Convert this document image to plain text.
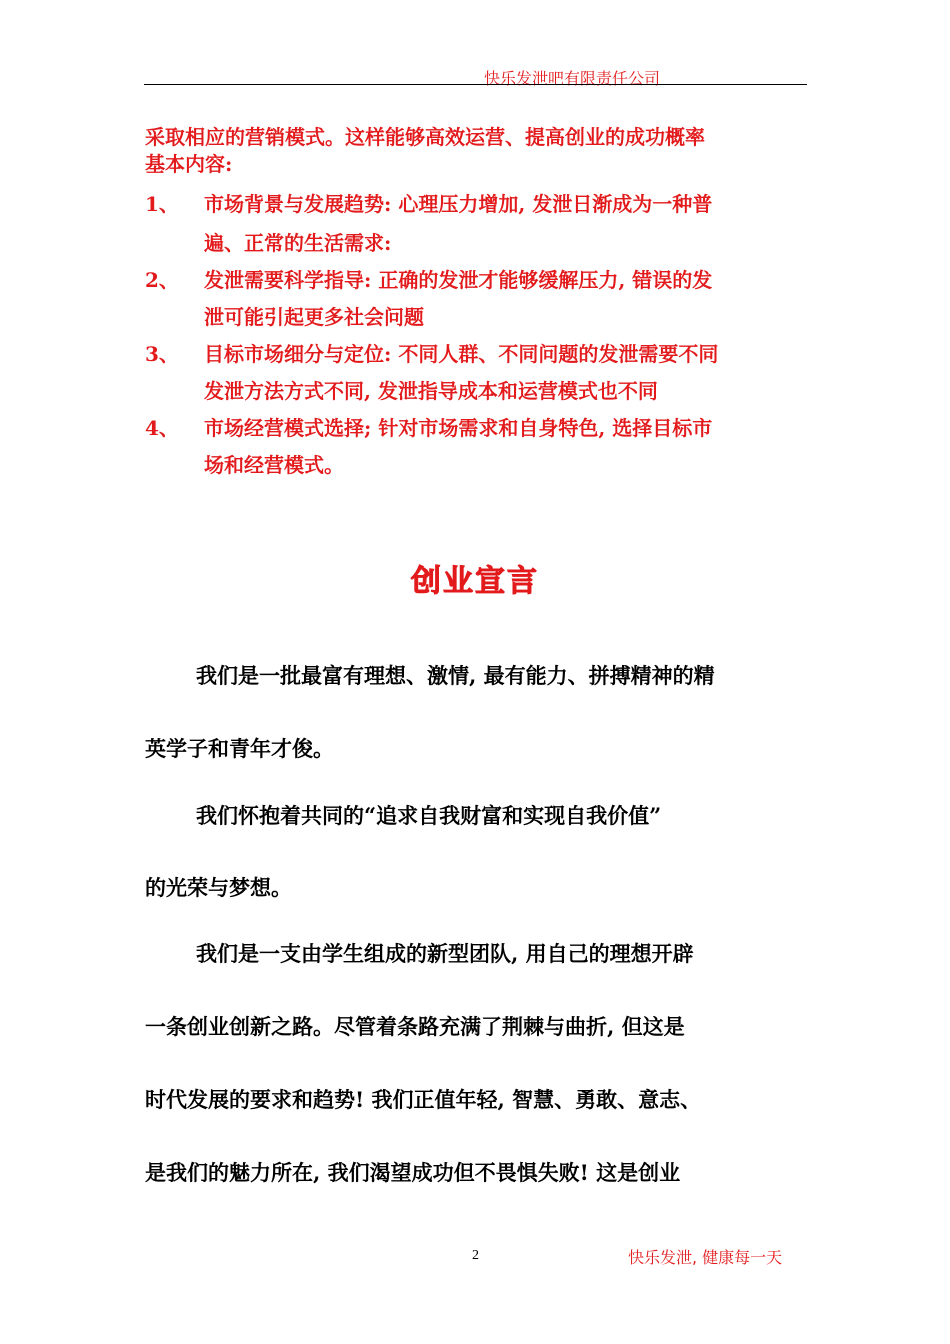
快乐发泄吧有限责任公司
采取相应的营销模式。这样能够高效运营、提高创业的成功概率
基本内容:
1、	市场背景与发展趋势: 心理压力增加, 发泄日渐成为一种普
遍、正常的生活需求:
2、	发泄需要科学指导: 正确的发泄才能够缓解压力, 错误的发
泄可能引起更多社会问题
3、	目标市场细分与定位: 不同人群、不同问题的发泄需要不同
发泄方法方式不同, 发泄指导成本和运营模式也不同
4、	市场经营模式选择; 针对市场需求和自身特色, 选择目标市
场和经营模式。
创业宣言
我们是一批最富有理想、激情, 最有能力、拼搏精神的精
英学子和青年才俊。
我们怀抱着共同的“追求自我财富和实现自我价值”
的光荣与梦想。
我们是一支由学生组成的新型团队, 用自己的理想开辟
一条创业创新之路。尽管着条路充满了荆棘与曲折, 但这是
时代发展的要求和趋势! 我们正值年轻, 智慧、勇敢、意志、
是我们的魅力所在, 我们渴望成功但不畏惧失败! 这是创业
2	快乐发泄, 健康每一天
